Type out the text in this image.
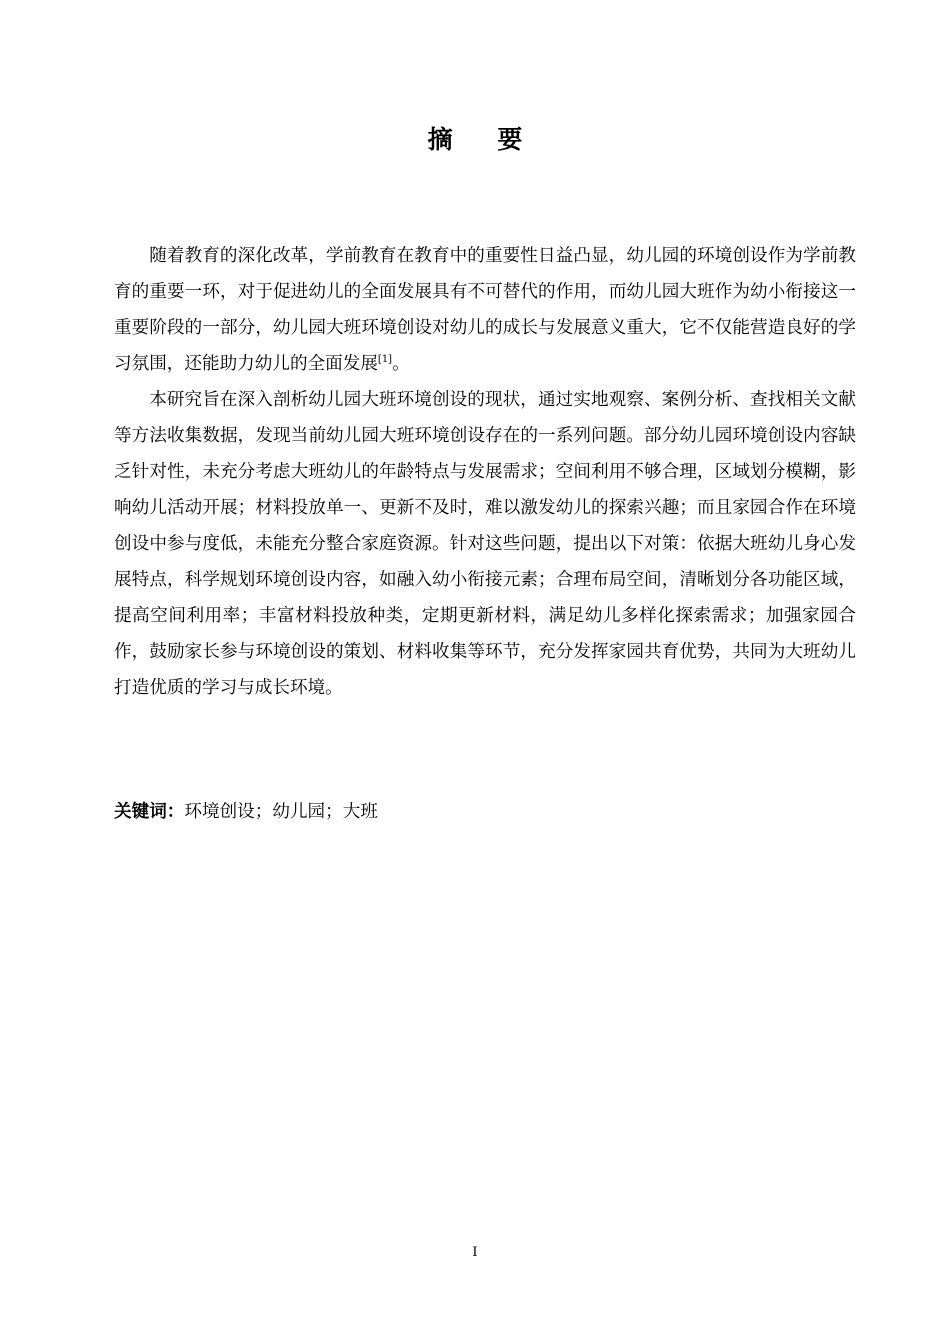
摘 要

随着教育的深化改革，学前教育在教育中的重要性日益凸显，幼儿园的环境创设作为学前教育的重要一环，对于促进幼儿的全面发展具有不可替代的作用，而幼儿园大班作为幼小衔接这一重要阶段的一部分，幼儿园大班环境创设对幼儿的成长与发展意义重大，它不仅能营造良好的学习氛围，还能助力幼儿的全面发展[1]。

本研究旨在深入剖析幼儿园大班环境创设的现状，通过实地观察、案例分析、查找相关文献等方法收集数据，发现当前幼儿园大班环境创设存在的一系列问题。部分幼儿园环境创设内容缺乏针对性，未充分考虑大班幼儿的年龄特点与发展需求；空间利用不够合理，区域划分模糊，影响幼儿活动开展；材料投放单一、更新不及时，难以激发幼儿的探索兴趣；而且家园合作在环境创设中参与度低，未能充分整合家庭资源。针对这些问题，提出以下对策：依据大班幼儿身心发展特点，科学规划环境创设内容，如融入幼小衔接元素；合理布局空间，清晰划分各功能区域，提高空间利用率；丰富材料投放种类，定期更新材料，满足幼儿多样化探索需求；加强家园合作，鼓励家长参与环境创设的策划、材料收集等环节，充分发挥家园共育优势，共同为大班幼儿打造优质的学习与成长环境。

关键词：环境创设；幼儿园；大班
I
